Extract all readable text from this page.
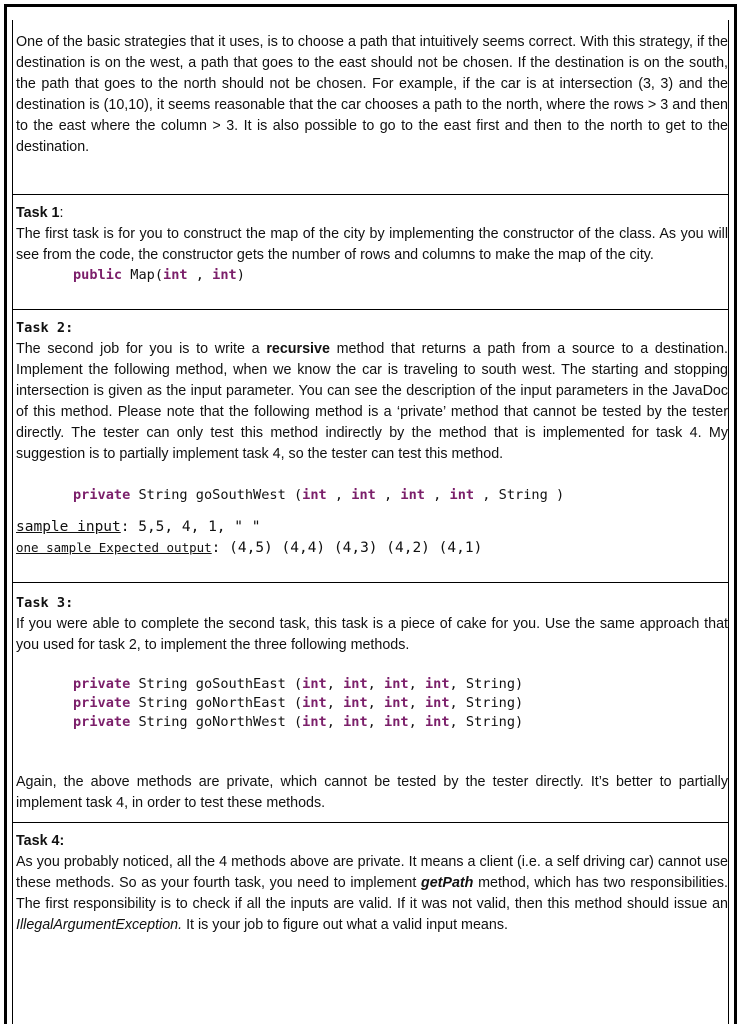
One of the basic strategies that it uses, is to choose a path that intuitively seems correct. With this strategy, if the destination is on the west, a path that goes to the east should not be chosen. If the destination is on the south, the path that goes to the north should not be chosen. For example, if the car is at intersection (3, 3) and the destination is (10,10), it seems reasonable that the car chooses a path to the north, where the rows > 3 and then to the east where the column > 3. It is also possible to go to the east first and then to the north to get to the destination.

Task 1:

The first task is for you to construct the map of the city by implementing the constructor of the class. As you will see from the code, the constructor gets the number of rows and columns to make the map of the city.

public Map(int , int)

Task 2:

The second job for you is to write a recursive method that returns a path from a source to a destination. Implement the following method, when we know the car is traveling to south west. The starting and stopping intersection is given as the input parameter. You can see the description of the input parameters in the JavaDoc of this method. Please note that the following method is a ‘private’ method that cannot be tested by the tester directly. The tester can only test this method indirectly by the method that is implemented for task 4. My suggestion is to partially implement task 4, so the tester can test this method.

private String goSouthWest (int , int , int , int , String )
sample input: 5,5, 4, 1, " "
one sample Expected output: (4,5) (4,4) (4,3) (4,2) (4,1)

Task 3:

If you were able to complete the second task, this task is a piece of cake for you. Use the same approach that you used for task 2, to implement the three following methods.

private String goSouthEast (int, int, int, int, String)
private String goNorthEast (int, int, int, int, String)
private String goNorthWest (int, int, int, int, String)

Again, the above methods are private, which cannot be tested by the tester directly. It’s better to partially implement task 4, in order to test these methods.

Task 4:

As you probably noticed, all the 4 methods above are private. It means a client (i.e. a self driving car) cannot use these methods. So as your fourth task, you need to implement getPath method, which has two responsibilities. The first responsibility is to check if all the inputs are valid. If it was not valid, then this method should issue an IllegalArgumentException. It is your job to figure out what a valid input means.
